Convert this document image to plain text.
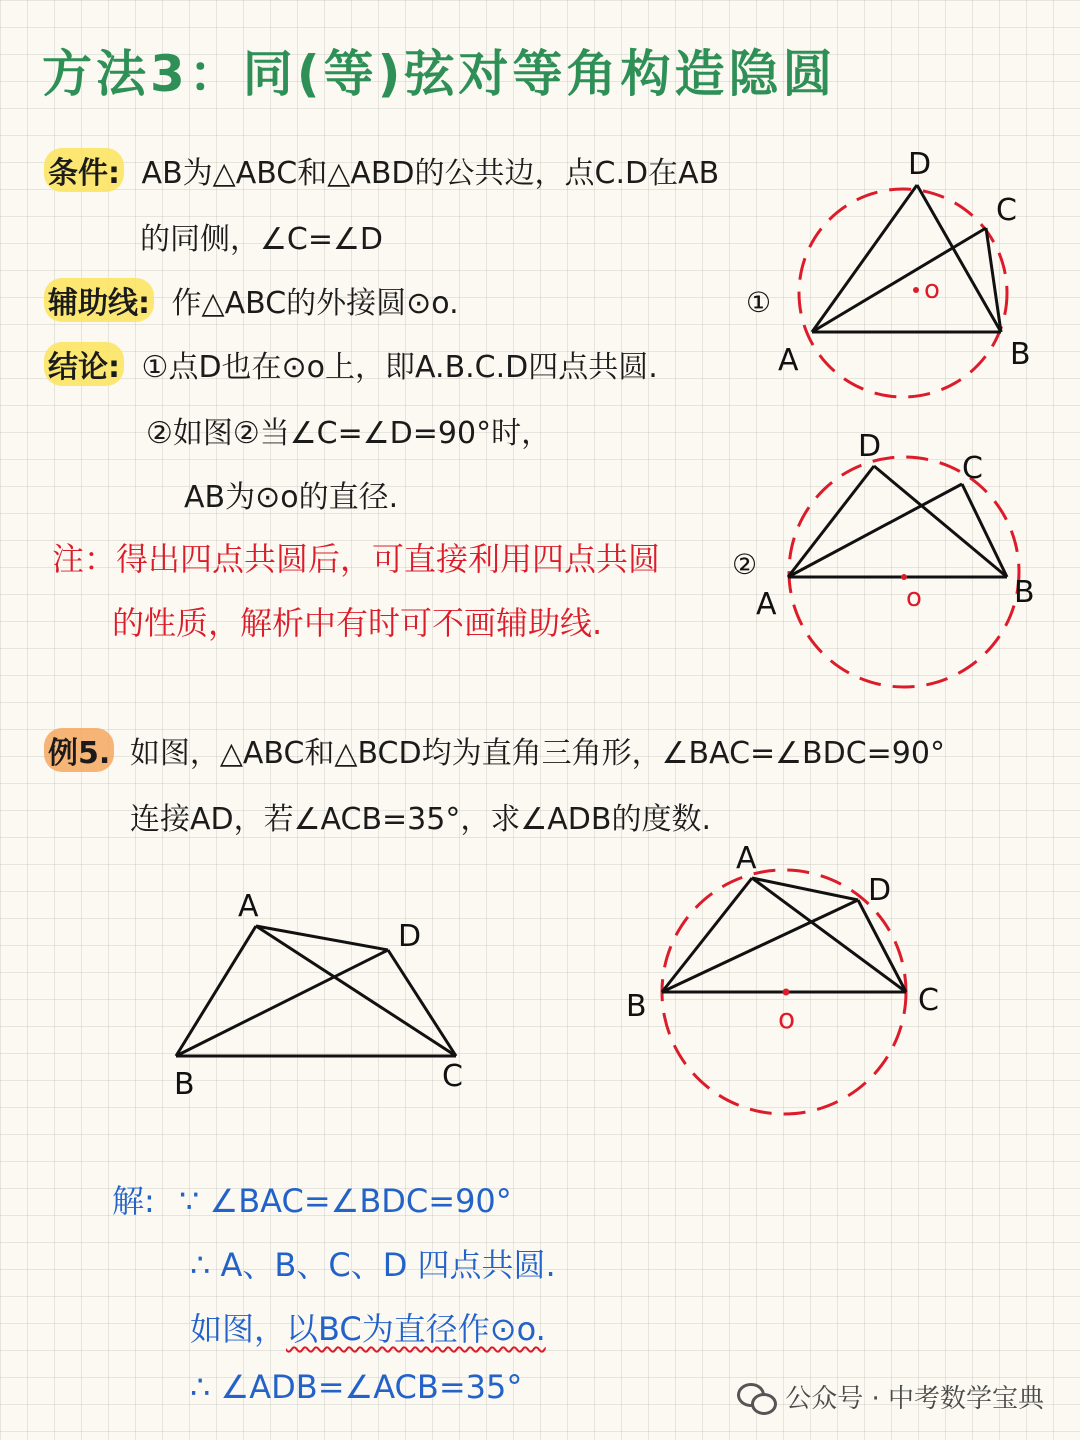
方法3：同(等)弦对等角构造隐圆
条件: AB为△ABC和△ABD的公共边，点C.D在AB
的同侧，∠C=∠D
辅助线: 作△ABC的外接圆⊙o.
结论: ①点D也在⊙o上，即A.B.C.D四点共圆.
②如图②当∠C=∠D=90°时，
AB为⊙o的直径.
注：得出四点共圆后，可直接利用四点共圆
的性质，解析中有时可不画辅助线.
例5. 如图，△ABC和△BCD均为直角三角形，∠BAC=∠BDC=90°
连接AD，若∠ACB=35°，求∠ADB的度数.
解: ∵ ∠BAC=∠BDC=90°
∴ A、B、C、D 四点共圆.
如图，以BC为直径作⊙o.
∴ ∠ADB=∠ACB=35°
o
A	B
C
D
①
o
A	B
C
D
②
A
B	C
D
o
A
B	C
D
公众号 · 中考数学宝典
